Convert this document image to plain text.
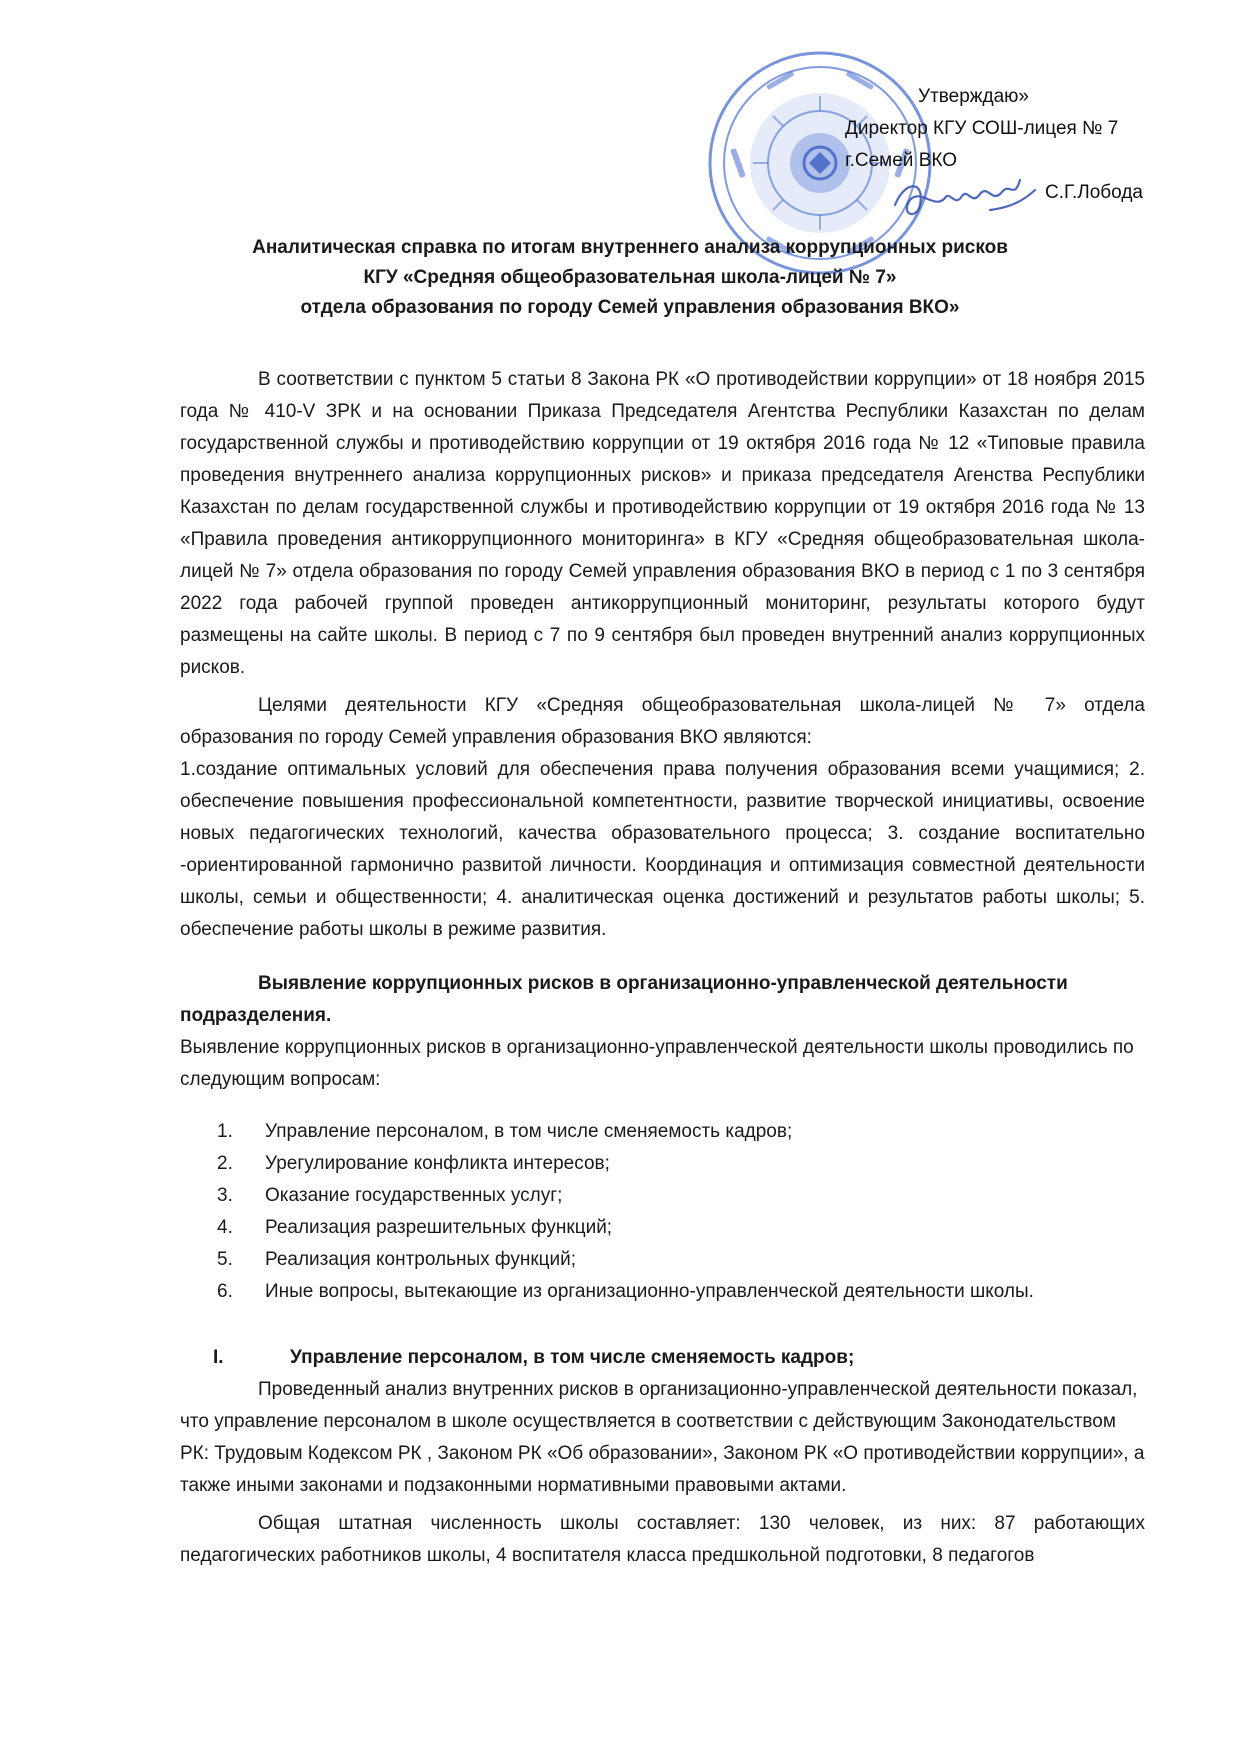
Утверждаю»
Директор КГУ СОШ-лицея № 7
г.Семей ВКО
С.Г.Лобода
Аналитическая справка по итогам внутреннего анализа коррупционных рисков
КГУ «Средняя общеобразовательная школа-лицей № 7»
отдела образования по городу Семей управления образования ВКО»

В соответствии с пунктом 5 статьи 8 Закона РК «О противодействии коррупции» от 18 ноября 2015 года № 410-V ЗРК и на основании Приказа Председателя Агентства Республики Казахстан по делам государственной службы и противодействию коррупции от 19 октября 2016 года № 12 «Типовые правила проведения внутреннего анализа коррупционных рисков» и приказа председателя Агенства Республики Казахстан по делам государственной службы и противодействию коррупции от 19 октября 2016 года № 13 «Правила проведения антикоррупционного мониторинга» в КГУ «Средняя общеобразовательная школа-лицей № 7» отдела образования по городу Семей управления образования ВКО в период с 1 по 3 сентября 2022 года рабочей группой проведен антикоррупционный мониторинг, результаты которого будут размещены на сайте школы. В период с 7 по 9 сентября был проведен внутренний анализ коррупционных рисков.

Целями деятельности КГУ «Средняя общеобразовательная школа-лицей № 7» отдела образования по городу Семей управления образования ВКО являются:

1.создание оптимальных условий для обеспечения права получения образования всеми учащимися; 2. обеспечение повышения профессиональной компетентности, развитие творческой инициативы, освоение новых педагогических технологий, качества образовательного процесса; 3. создание воспитательно -ориентированной гармонично развитой личности. Координация и оптимизация совместной деятельности школы, семьи и общественности; 4. аналитическая оценка достижений и результатов работы школы; 5. обеспечение работы школы в режиме развития.

Выявление коррупционных рисков в организационно-управленческой деятельности подразделения.

Выявление коррупционных рисков в организационно-управленческой деятельности школы проводились по следующим вопросам:

1. Управление персоналом, в том числе сменяемость кадров;
2. Урегулирование конфликта интересов;
3. Оказание государственных услуг;
4. Реализация разрешительных функций;
5. Реализация контрольных функций;
6. Иные вопросы, вытекающие из организационно-управленческой деятельности школы.
I.	Управление персоналом, в том числе сменяемость кадров;

Проведенный анализ внутренних рисков в организационно-управленческой деятельности показал, что управление персоналом в школе осуществляется в соответствии с действующим Законодательством РК: Трудовым Кодексом РК , Законом РК «Об образовании», Законом РК «О противодействии коррупции», а также иными законами и подзаконными нормативными правовыми актами.

Общая штатная численность школы составляет: 130 человек, из них: 87 работающих педагогических работников школы, 4 воспитателя класса предшкольной подготовки, 8 педагогов
